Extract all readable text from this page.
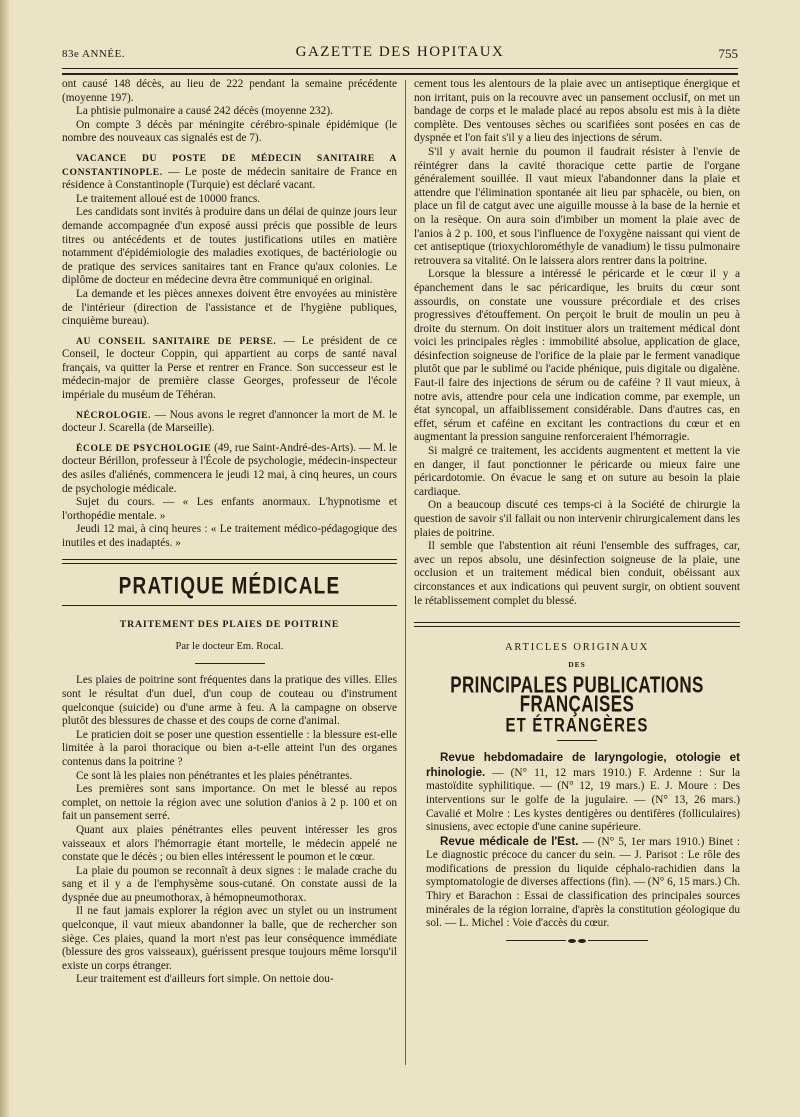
83e ANNÉE.	GAZETTE DES HOPITAUX	755

ont causé 148 décès, au lieu de 222 pendant la semaine précédente (moyenne 197).

La phtisie pulmonaire a causé 242 décès (moyenne 232).

On compte 3 décès par méningite cérébro-spinale épidémique (le nombre des nouveaux cas signalés est de 7).

VACANCE DU POSTE DE MÉDECIN SANITAIRE A CONSTANTINOPLE. — Le poste de médecin sanitaire de France en résidence à Constantinople (Turquie) est déclaré vacant.

Le traitement alloué est de 10000 francs.

Les candidats sont invités à produire dans un délai de quinze jours leur demande accompagnée d'un exposé aussi précis que possible de leurs titres ou antécédents et de toutes justifications utiles en matière notamment d'épidémiologie des maladies exotiques, de bactériologie ou de pratique des services sanitaires tant en France qu'aux colonies. Le diplôme de docteur en médecine devra être communiqué en original.

La demande et les pièces annexes doivent être envoyées au ministère de l'intérieur (direction de l'assistance et de l'hygiène publiques, cinquième bureau).

AU CONSEIL SANITAIRE DE PERSE. — Le président de ce Conseil, le docteur Coppin, qui appartient au corps de santé naval français, va quitter la Perse et rentrer en France. Son successeur est le médecin-major de première classe Georges, professeur de l'école impériale du muséum de Téhéran.

NÉCROLOGIE. — Nous avons le regret d'annoncer la mort de M. le docteur J. Scarella (de Marseille).

ÉCOLE DE PSYCHOLOGIE (49, rue Saint-André-des-Arts). — M. le docteur Bérillon, professeur à l'École de psychologie, médecin-inspecteur des asiles d'aliénés, commencera le jeudi 12 mai, à cinq heures, un cours de psychologie médicale.

Sujet du cours. — « Les enfants anormaux. L'hypnotisme et l'orthopédie mentale. »

Jeudi 12 mai, à cinq heures : « Le traitement médico-pédagogique des inutiles et des inadaptés. »

PRATIQUE MÉDICALE
TRAITEMENT DES PLAIES DE POITRINE
Par le docteur Em. Rocal.

Les plaies de poitrine sont fréquentes dans la pratique des villes. Elles sont le résultat d'un duel, d'un coup de couteau ou d'instrument quelconque (suicide) ou d'une arme à feu. A la campagne on observe plutôt des blessures de chasse et des coups de corne d'animal.

Le praticien doit se poser une question essentielle : la blessure est-elle limitée à la paroi thoracique ou bien a-t-elle atteint l'un des organes contenus dans la poitrine ?

Ce sont là les plaies non pénétrantes et les plaies pénétrantes.

Les premières sont sans importance. On met le blessé au repos complet, on nettoie la région avec une solution d'anios à 2 p. 100 et on fait un pansement serré.

Quant aux plaies pénétrantes elles peuvent intéresser les gros vaisseaux et alors l'hémorragie étant mortelle, le médecin appelé ne constate que le décès ; ou bien elles intéressent le poumon et le cœur.

La plaie du poumon se reconnaît à deux signes : le malade crache du sang et il y a de l'emphysème sous-cutané. On constate aussi de la dyspnée due au pneumothorax, à hémopneumothorax.

Il ne faut jamais explorer la région avec un stylet ou un instrument quelconque, il vaut mieux abandonner la balle, que de rechercher son siège. Ces plaies, quand la mort n'est pas leur conséquence immédiate (blessure des gros vaisseaux), guérissent presque toujours même lorsqu'il existe un corps étranger.

Leur traitement est d'ailleurs fort simple. On nettoie dou-

cement tous les alentours de la plaie avec un antiseptique énergique et non irritant, puis on la recouvre avec un pansement occlusif, on met un bandage de corps et le malade placé au repos absolu est mis à la diète complète. Des ventouses sèches ou scarifiées sont posées en cas de dyspnée et l'on fait s'il y a lieu des injections de sérum.

S'il y avait hernie du poumon il faudrait résister à l'envie de réintégrer dans la cavité thoracique cette partie de l'organe généralement souillée. Il vaut mieux l'abandonner dans la plaie et attendre que l'élimination spontanée ait lieu par sphacèle, ou bien, on place un fil de catgut avec une aiguille mousse à la base de la hernie et on la resèque. On aura soin d'imbiber un moment la plaie avec de l'anios à 2 p. 100, et sous l'influence de l'oxygène naissant qui vient de cet antiseptique (trioxychlorométhyle de vanadium) le tissu pulmonaire retrouvera sa vitalité. On le laissera alors rentrer dans la poitrine.

Lorsque la blessure a intéressé le péricarde et le cœur il y a épanchement dans le sac péricardique, les bruits du cœur sont assourdis, on constate une voussure précordiale et des crises progressives d'étouffement. On perçoit le bruit de moulin un peu à droite du sternum. On doit instituer alors un traitement médical dont voici les principales règles : immobilité absolue, application de glace, désinfection soigneuse de l'orifice de la plaie par le ferment vanadique plutôt que par le sublimé ou l'acide phénique, puis digitale ou digalène. Faut-il faire des injections de sérum ou de caféine ? Il vaut mieux, à notre avis, attendre pour cela une indication comme, par exemple, un état syncopal, un affaiblissement considérable. Dans d'autres cas, en effet, sérum et caféine en excitant les contractions du cœur et en augmentant la pression sanguine renforceraient l'hémorragie.

Si malgré ce traitement, les accidents augmentent et mettent la vie en danger, il faut ponctionner le péricarde ou mieux faire une péricardotomie. On évacue le sang et on suture au besoin la plaie cardiaque.

On a beaucoup discuté ces temps-ci à la Société de chirurgie la question de savoir s'il fallait ou non intervenir chirurgicalement dans les plaies de poitrine.

Il semble que l'abstention ait réuni l'ensemble des suffrages, car, avec un repos absolu, une désinfection soigneuse de la plaie, une occlusion et un traitement médical bien conduit, obéissant aux circonstances et aux indications qui peuvent surgir, on obtient souvent le rétablissement complet du blessé.

ARTICLES ORIGINAUX
DES
PRINCIPALES PUBLICATIONS FRANÇAISES
ET ÉTRANGÈRES

Revue hebdomadaire de laryngologie, otologie et rhinologie. — (N° 11, 12 mars 1910.) F. Ardenne : Sur la mastoïdite syphilitique. — (N° 12, 19 mars.) E. J. Moure : Des interventions sur le golfe de la jugulaire. — (N° 13, 26 mars.) Cavalié et Molre : Les kystes dentigères ou dentifères (folliculaires) sinusiens, avec ectopie d'une canine supérieure.

Revue médicale de l'Est. — (N° 5, 1er mars 1910.) Binet : Le diagnostic précoce du cancer du sein. — J. Parisot : Le rôle des modifications de pression du liquide céphalo-rachidien dans la symptomatologie de diverses affections (fin). — (N° 6, 15 mars.) Ch. Thiry et Barachon : Essai de classification des principales sources minérales de la région lorraine, d'après la constitution géologique du sol. — L. Michel : Voie d'accès du cœur.
